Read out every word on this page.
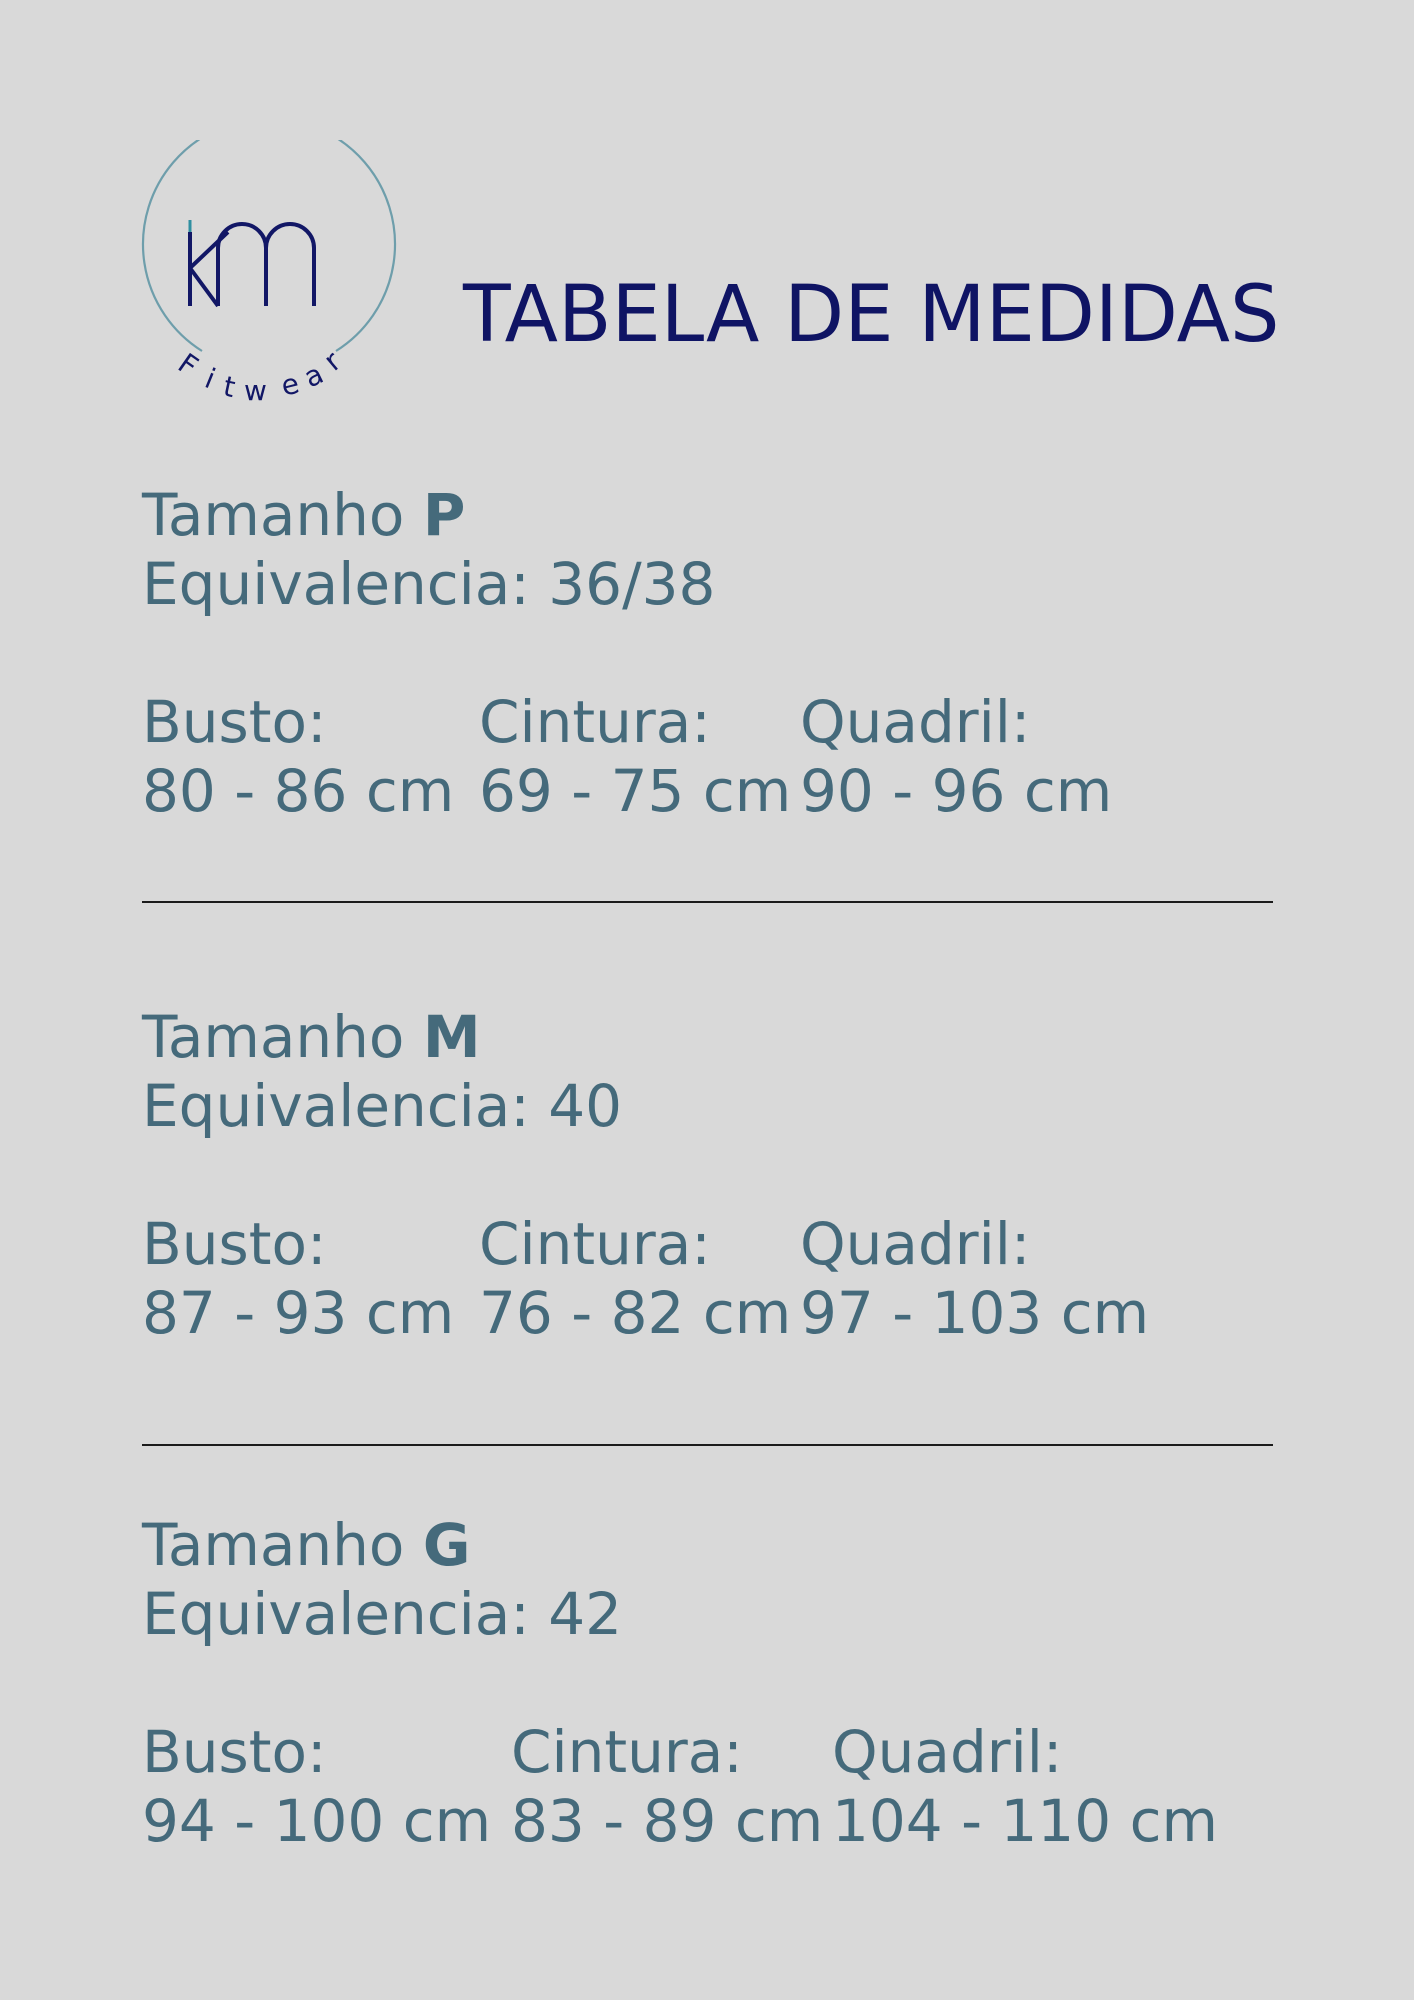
F
i t w e
a
r
TABELA DE MEDIDAS
Tamanho P
Equivalencia: 36/38
Busto:
80 - 86 cm
Cintura:
69 - 75 cm
Quadril:
90 - 96 cm
Tamanho M
Equivalencia: 40
Busto:
87 - 93 cm
Cintura:
76 - 82 cm
Quadril:
97 - 103 cm
Tamanho G
Equivalencia: 42
Busto:
94 - 100 cm
Cintura:
83 - 89 cm
Quadril:
104 - 110 cm
